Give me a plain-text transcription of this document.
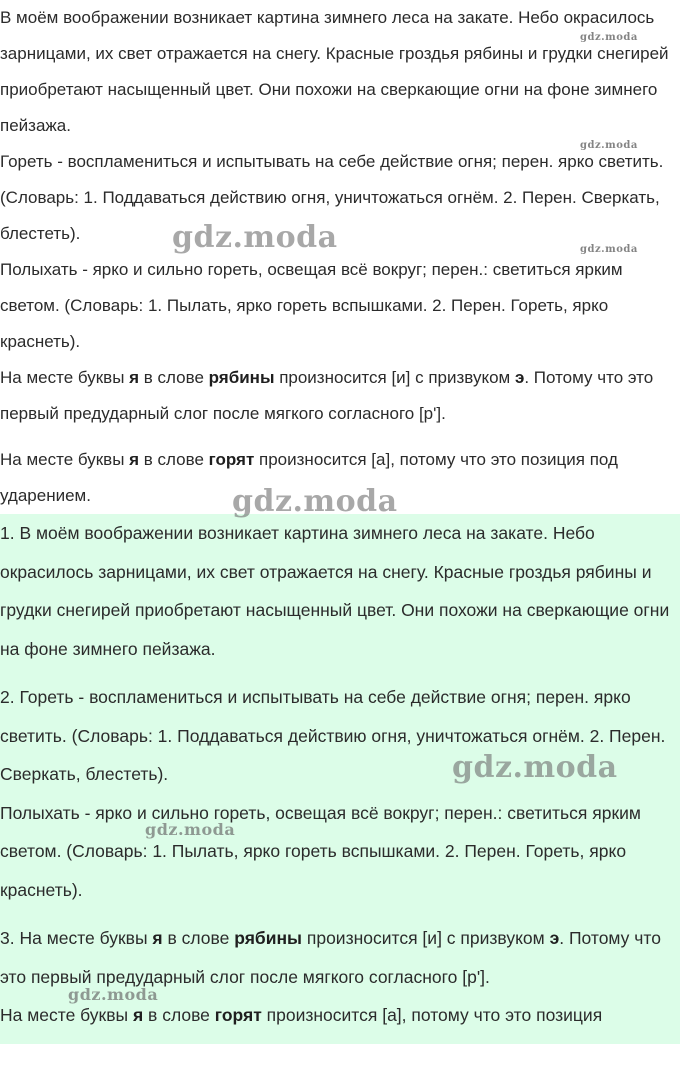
В моём воображении возникает картина зимнего леса на закате. Небо окрасилось зарницами, их свет отражается на снегу. Красные гроздья рябины и грудки снегирей приобретают насыщенный цвет. Они похожи на сверкающие огни на фоне зимнего пейзажа.

Гореть - воспламениться и испытывать на себе действие огня; перен. ярко светить. (Словарь: 1. Поддаваться действию огня, уничтожаться огнём. 2. Перен. Сверкать, блестеть).

Полыхать - ярко и сильно гореть, освещая всё вокруг; перен.: светиться ярким светом. (Словарь: 1. Пылать, ярко гореть вспышками. 2. Перен. Гореть, ярко краснеть).

На месте буквы я в слове рябины произносится [и] с призвуком э. Потому что это первый предударный слог после мягкого согласного [р'].

На месте буквы я в слове горят произносится [а], потому что это позиция под ударением.

1. В моём воображении возникает картина зимнего леса на закате. Небо окрасилось зарницами, их свет отражается на снегу. Красные гроздья рябины и грудки снегирей приобретают насыщенный цвет. Они похожи на сверкающие огни на фоне зимнего пейзажа.

2. Гореть - воспламениться и испытывать на себе действие огня; перен. ярко светить. (Словарь: 1. Поддаваться действию огня, уничтожаться огнём. 2. Перен. Сверкать, блестеть).

Полыхать - ярко и сильно гореть, освещая всё вокруг; перен.: светиться ярким светом. (Словарь: 1. Пылать, ярко гореть вспышками. 2. Перен. Гореть, ярко краснеть).

3. На месте буквы я в слове рябины произносится [и] с призвуком э. Потому что это первый предударный слог после мягкого согласного [р'].

На месте буквы я в слове горят произносится [а], потому что это позиция

gdz.moda
gdz.moda
gdz.moda	gdz.moda
gdz.moda
gdz.moda
gdz.moda
gdz.moda
